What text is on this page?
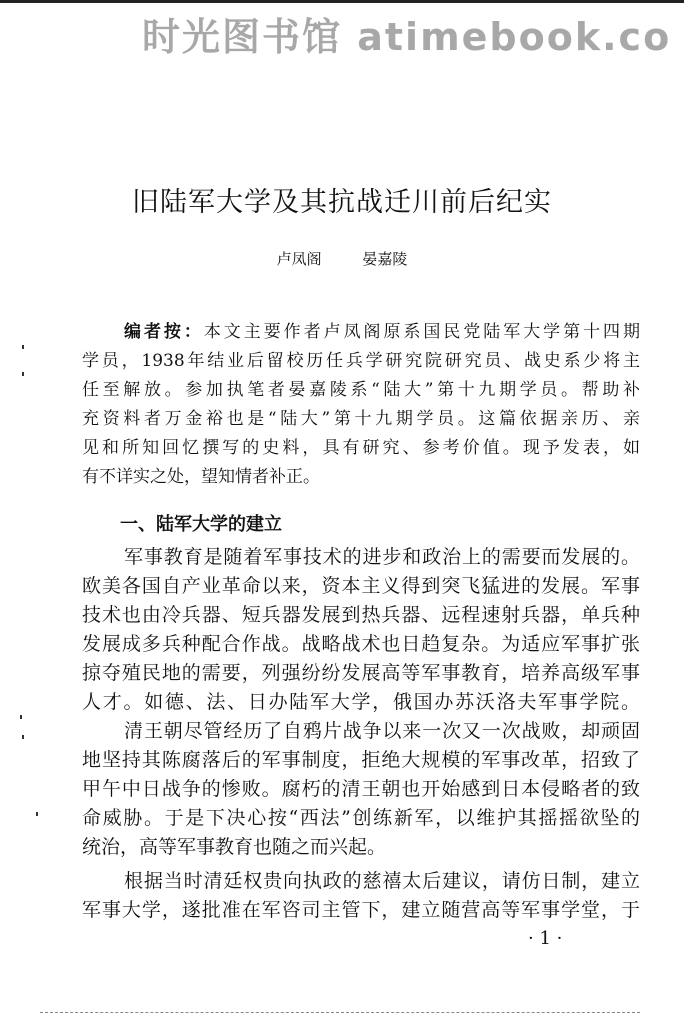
时光图书馆 atimebook.co
旧陆军大学及其抗战迁川前后纪实
卢凤阁	晏嘉陵
编者按：本文主要作者卢凤阁原系国民党陆军大学第十四期
学员，1938年结业后留校历任兵学研究院研究员、战史系少将主
任至解放。参加执笔者晏嘉陵系“陆大”第十九期学员。帮助补
充资料者万金裕也是“陆大”第十九期学员。这篇依据亲历、亲
见和所知回忆撰写的史料，具有研究、参考价值。现予发表，如
有不详实之处，望知情者补正。
一、陆军大学的建立
军事教育是随着军事技术的进步和政治上的需要而发展的。
欧美各国自产业革命以来，资本主义得到突飞猛进的发展。军事
技术也由冷兵器、短兵器发展到热兵器、远程速射兵器，单兵种
发展成多兵种配合作战。战略战术也日趋复杂。为适应军事扩张
掠夺殖民地的需要，列强纷纷发展高等军事教育，培养高级军事
人才。如德、法、日办陆军大学，俄国办苏沃洛夫军事学院。
清王朝尽管经历了自鸦片战争以来一次又一次战败，却顽固
地坚持其陈腐落后的军事制度，拒绝大规模的军事改革，招致了
甲午中日战争的惨败。腐朽的清王朝也开始感到日本侵略者的致
命威胁。于是下决心按“西法”创练新军，以维护其摇摇欲坠的
统治，高等军事教育也随之而兴起。
根据当时清廷权贵向执政的慈禧太后建议，请仿日制，建立
军事大学，遂批准在军咨司主管下，建立随营高等军事学堂，于
· 1 ·
